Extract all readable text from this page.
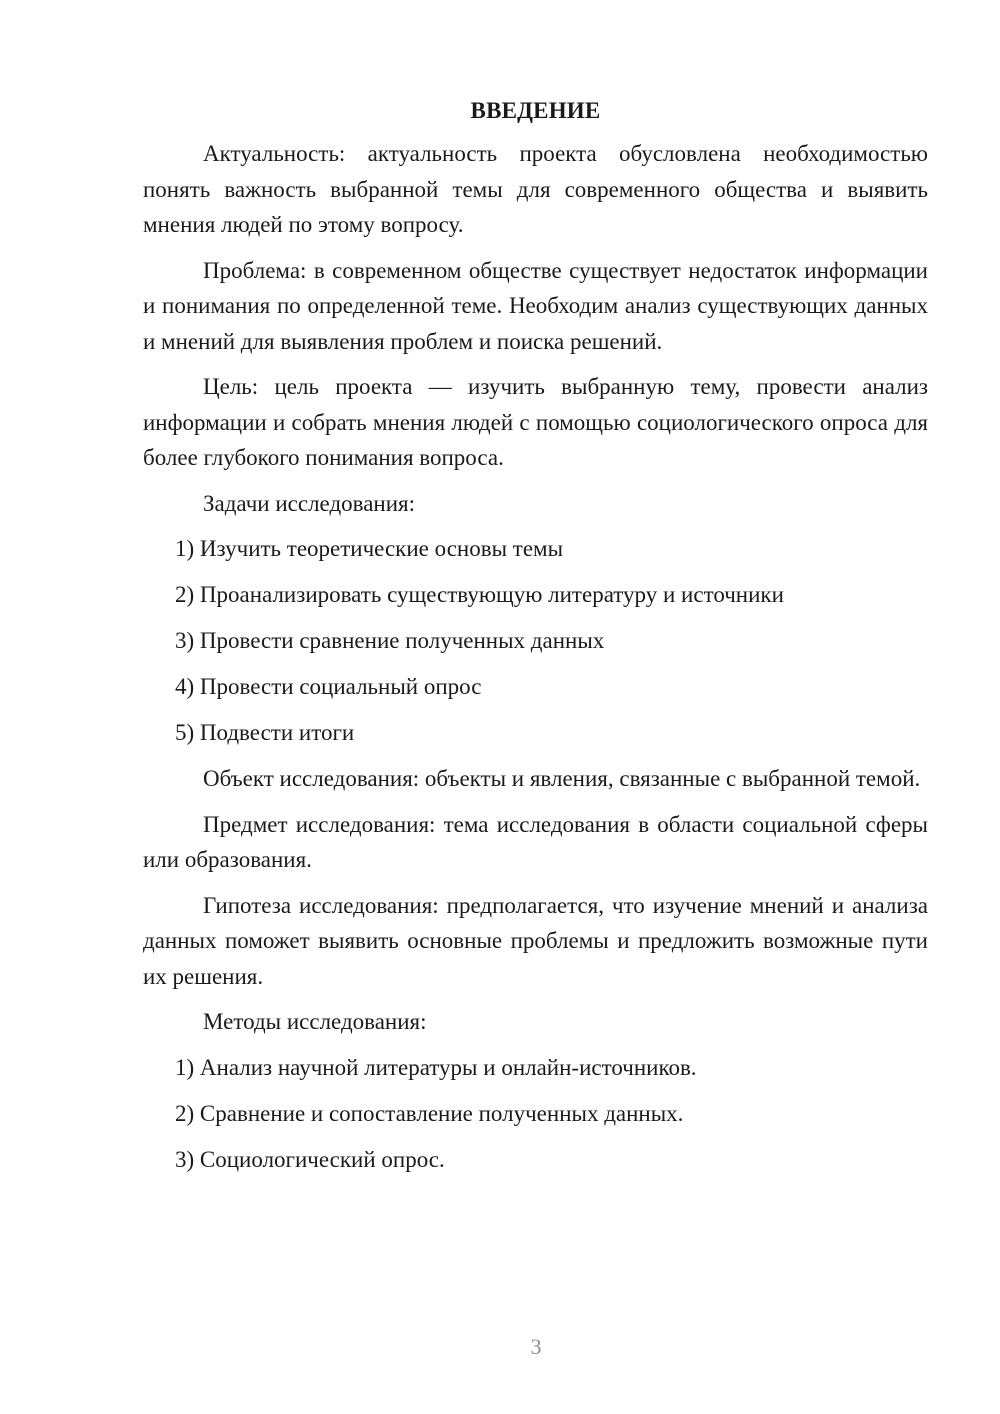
ВВЕДЕНИЕ

Актуальность: актуальность проекта обусловлена необходимостью понять важность выбранной темы для современного общества и выявить мнения людей по этому вопросу.

Проблема: в современном обществе существует недостаток информации и понимания по определенной теме. Необходим анализ существующих данных и мнений для выявления проблем и поиска решений.

Цель: цель проекта — изучить выбранную тему, провести анализ информации и собрать мнения людей с помощью социологического опроса для более глубокого понимания вопроса.

Задачи исследования:

1) Изучить теоретические основы темы
2) Проанализировать существующую литературу и источники
3) Провести сравнение полученных данных
4) Провести социальный опрос
5) Подвести итоги

Объект исследования: объекты и явления, связанные с выбранной темой.

Предмет исследования: тема исследования в области социальной сферы или образования.

Гипотеза исследования: предполагается, что изучение мнений и анализа данных поможет выявить основные проблемы и предложить возможные пути их решения.

Методы исследования:

1) Анализ научной литературы и онлайн-источников.
2) Сравнение и сопоставление полученных данных.
3) Социологический опрос.
3
